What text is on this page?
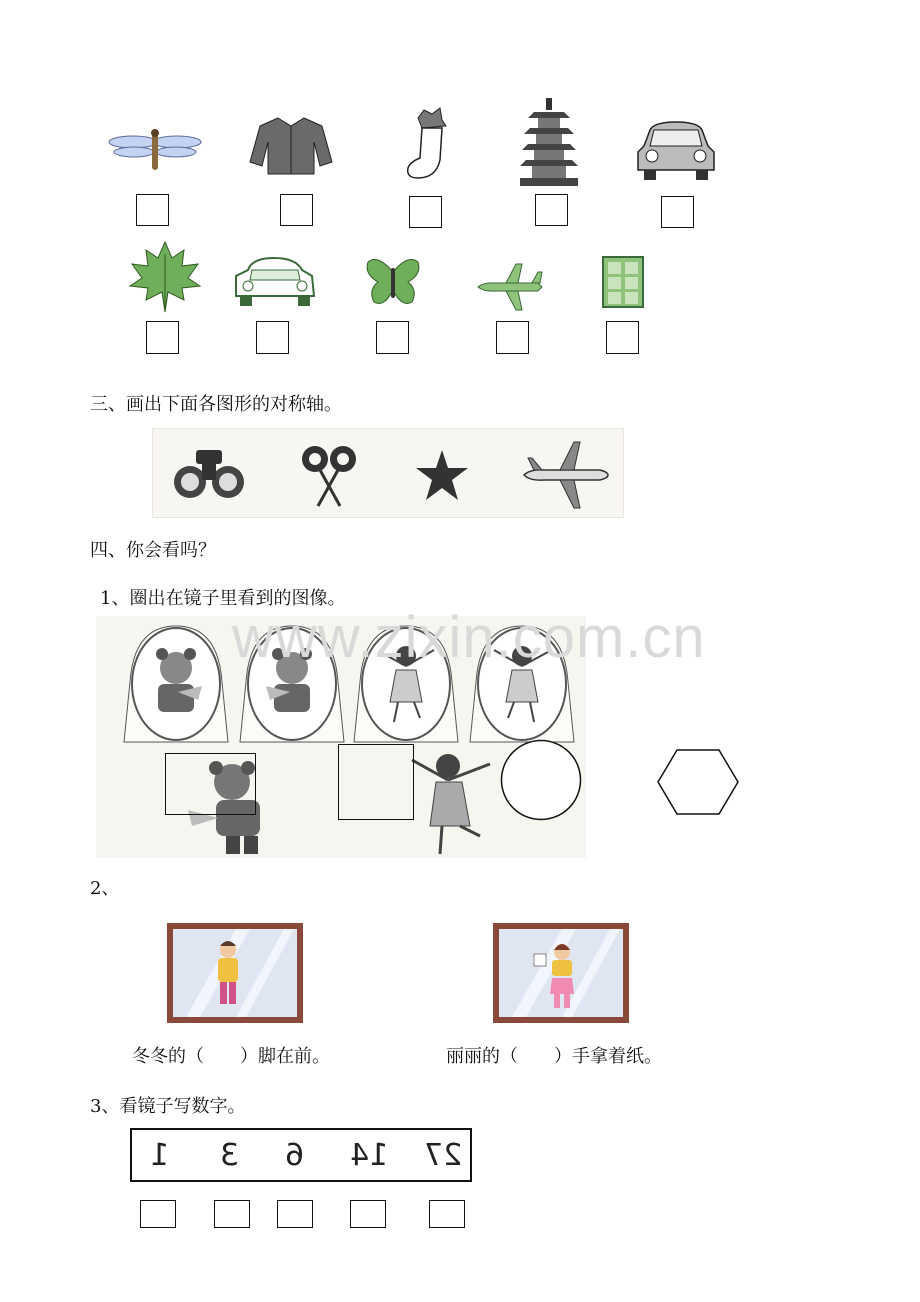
三、画出下面各图形的对称轴。
四、你会看吗？
1、圈出在镜子里看到的图像。
www.zixin.com.cn
2、
冬冬的（　　）脚在前。	丽丽的（　　）手拿着纸。
3、看镜子写数字。
1 3 6 14 27
